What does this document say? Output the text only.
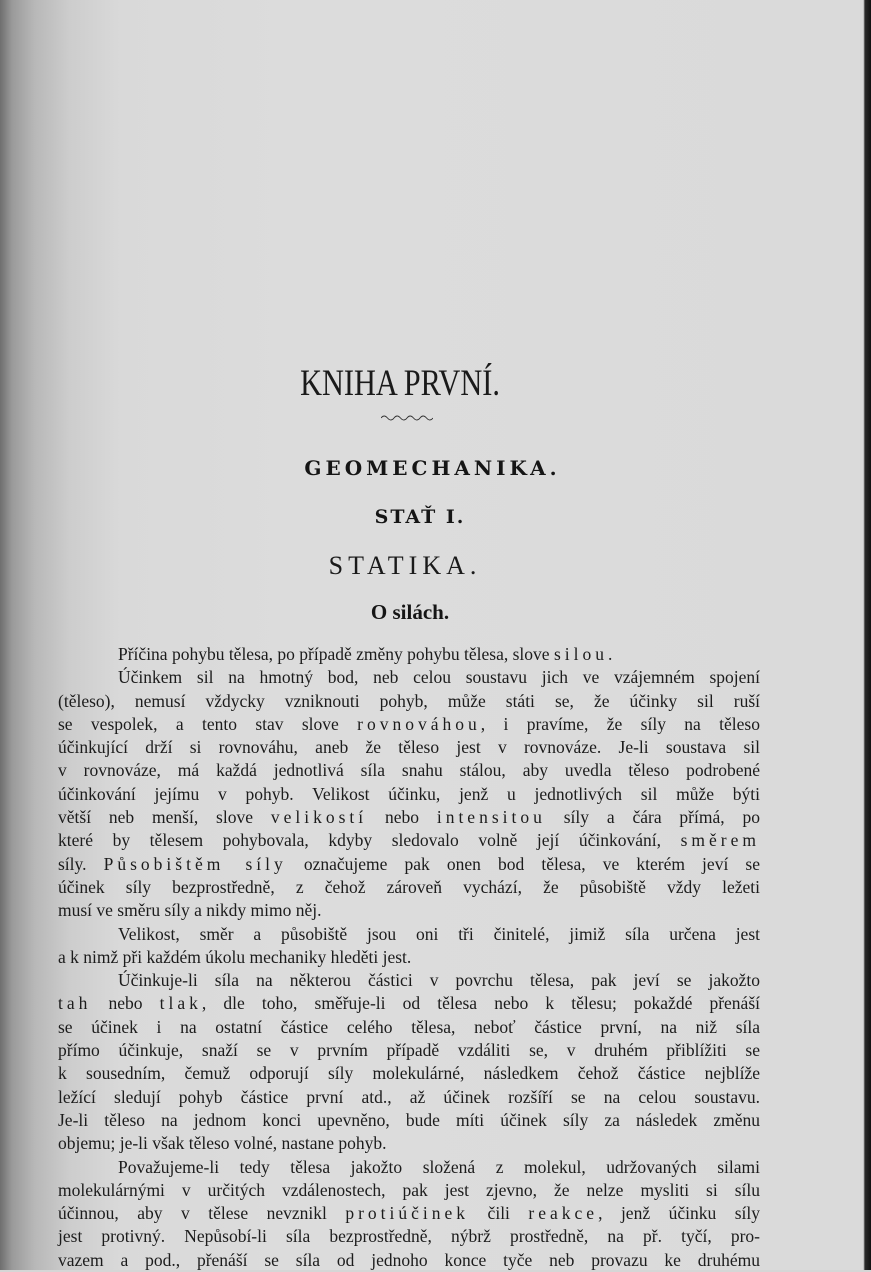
KNIHA PRVNÍ.
GEOMECHANIKA.
STAŤ I.
STATIKA.
O silách.
Příčina pohybu tělesa, po případě změny pohybu tělesa, slove silou.
Účinkem sil na hmotný bod, neb celou soustavu jich ve vzájemném spojení
(těleso), nemusí vždycky vzniknouti pohyb, může státi se, že účinky sil ruší
se vespolek, a tento stav slove rovnováhou, i pravíme, že síly na těleso
účinkující drží si rovnováhu, aneb že těleso jest v rovnováze. Je-li soustava sil
v rovnováze, má každá jednotlivá síla snahu stálou, aby uvedla těleso podrobené
účinkování jejímu v pohyb. Velikost účinku, jenž u jednotlivých sil může býti
větší neb menší, slove velikostí nebo intensitou síly a čára přímá, po
které by tělesem pohybovala, kdyby sledovalo volně její účinkování, směrem
síly. Působištěm síly označujeme pak onen bod tělesa, ve kterém jeví se
účinek síly bezprostředně, z čehož zároveň vychází, že působiště vždy ležeti
musí ve směru síly a nikdy mimo něj.
Velikost, směr a působiště jsou oni tři činitelé, jimiž síla určena jest
a k nimž při každém úkolu mechaniky hleděti jest.
Účinkuje-li síla na některou částici v povrchu tělesa, pak jeví se jakožto
tah nebo tlak, dle toho, směřuje-li od tělesa nebo k tělesu; pokaždé přenáší
se účinek i na ostatní částice celého tělesa, neboť částice první, na niž síla
přímo účinkuje, snaží se v prvním případě vzdáliti se, v druhém přiblížiti se
k sousedním, čemuž odporují síly molekulárné, následkem čehož částice nejblíže
ležící sledují pohyb částice první atd., až účinek rozšíří se na celou soustavu.
Je-li těleso na jednom konci upevněno, bude míti účinek síly za následek změnu
objemu; je-li však těleso volné, nastane pohyb.
Považujeme-li tedy tělesa jakožto složená z molekul, udržovaných silami
molekulárnými v určitých vzdálenostech, pak jest zjevno, že nelze mysliti si sílu
účinnou, aby v tělese nevznikl protiúčinek čili reakce, jenž účinku síly
jest protivný. Nepůsobí-li síla bezprostředně, nýbrž prostředně, na př. tyčí, pro-
vazem a pod., přenáší se síla od jednoho konce tyče neb provazu ke druhému
